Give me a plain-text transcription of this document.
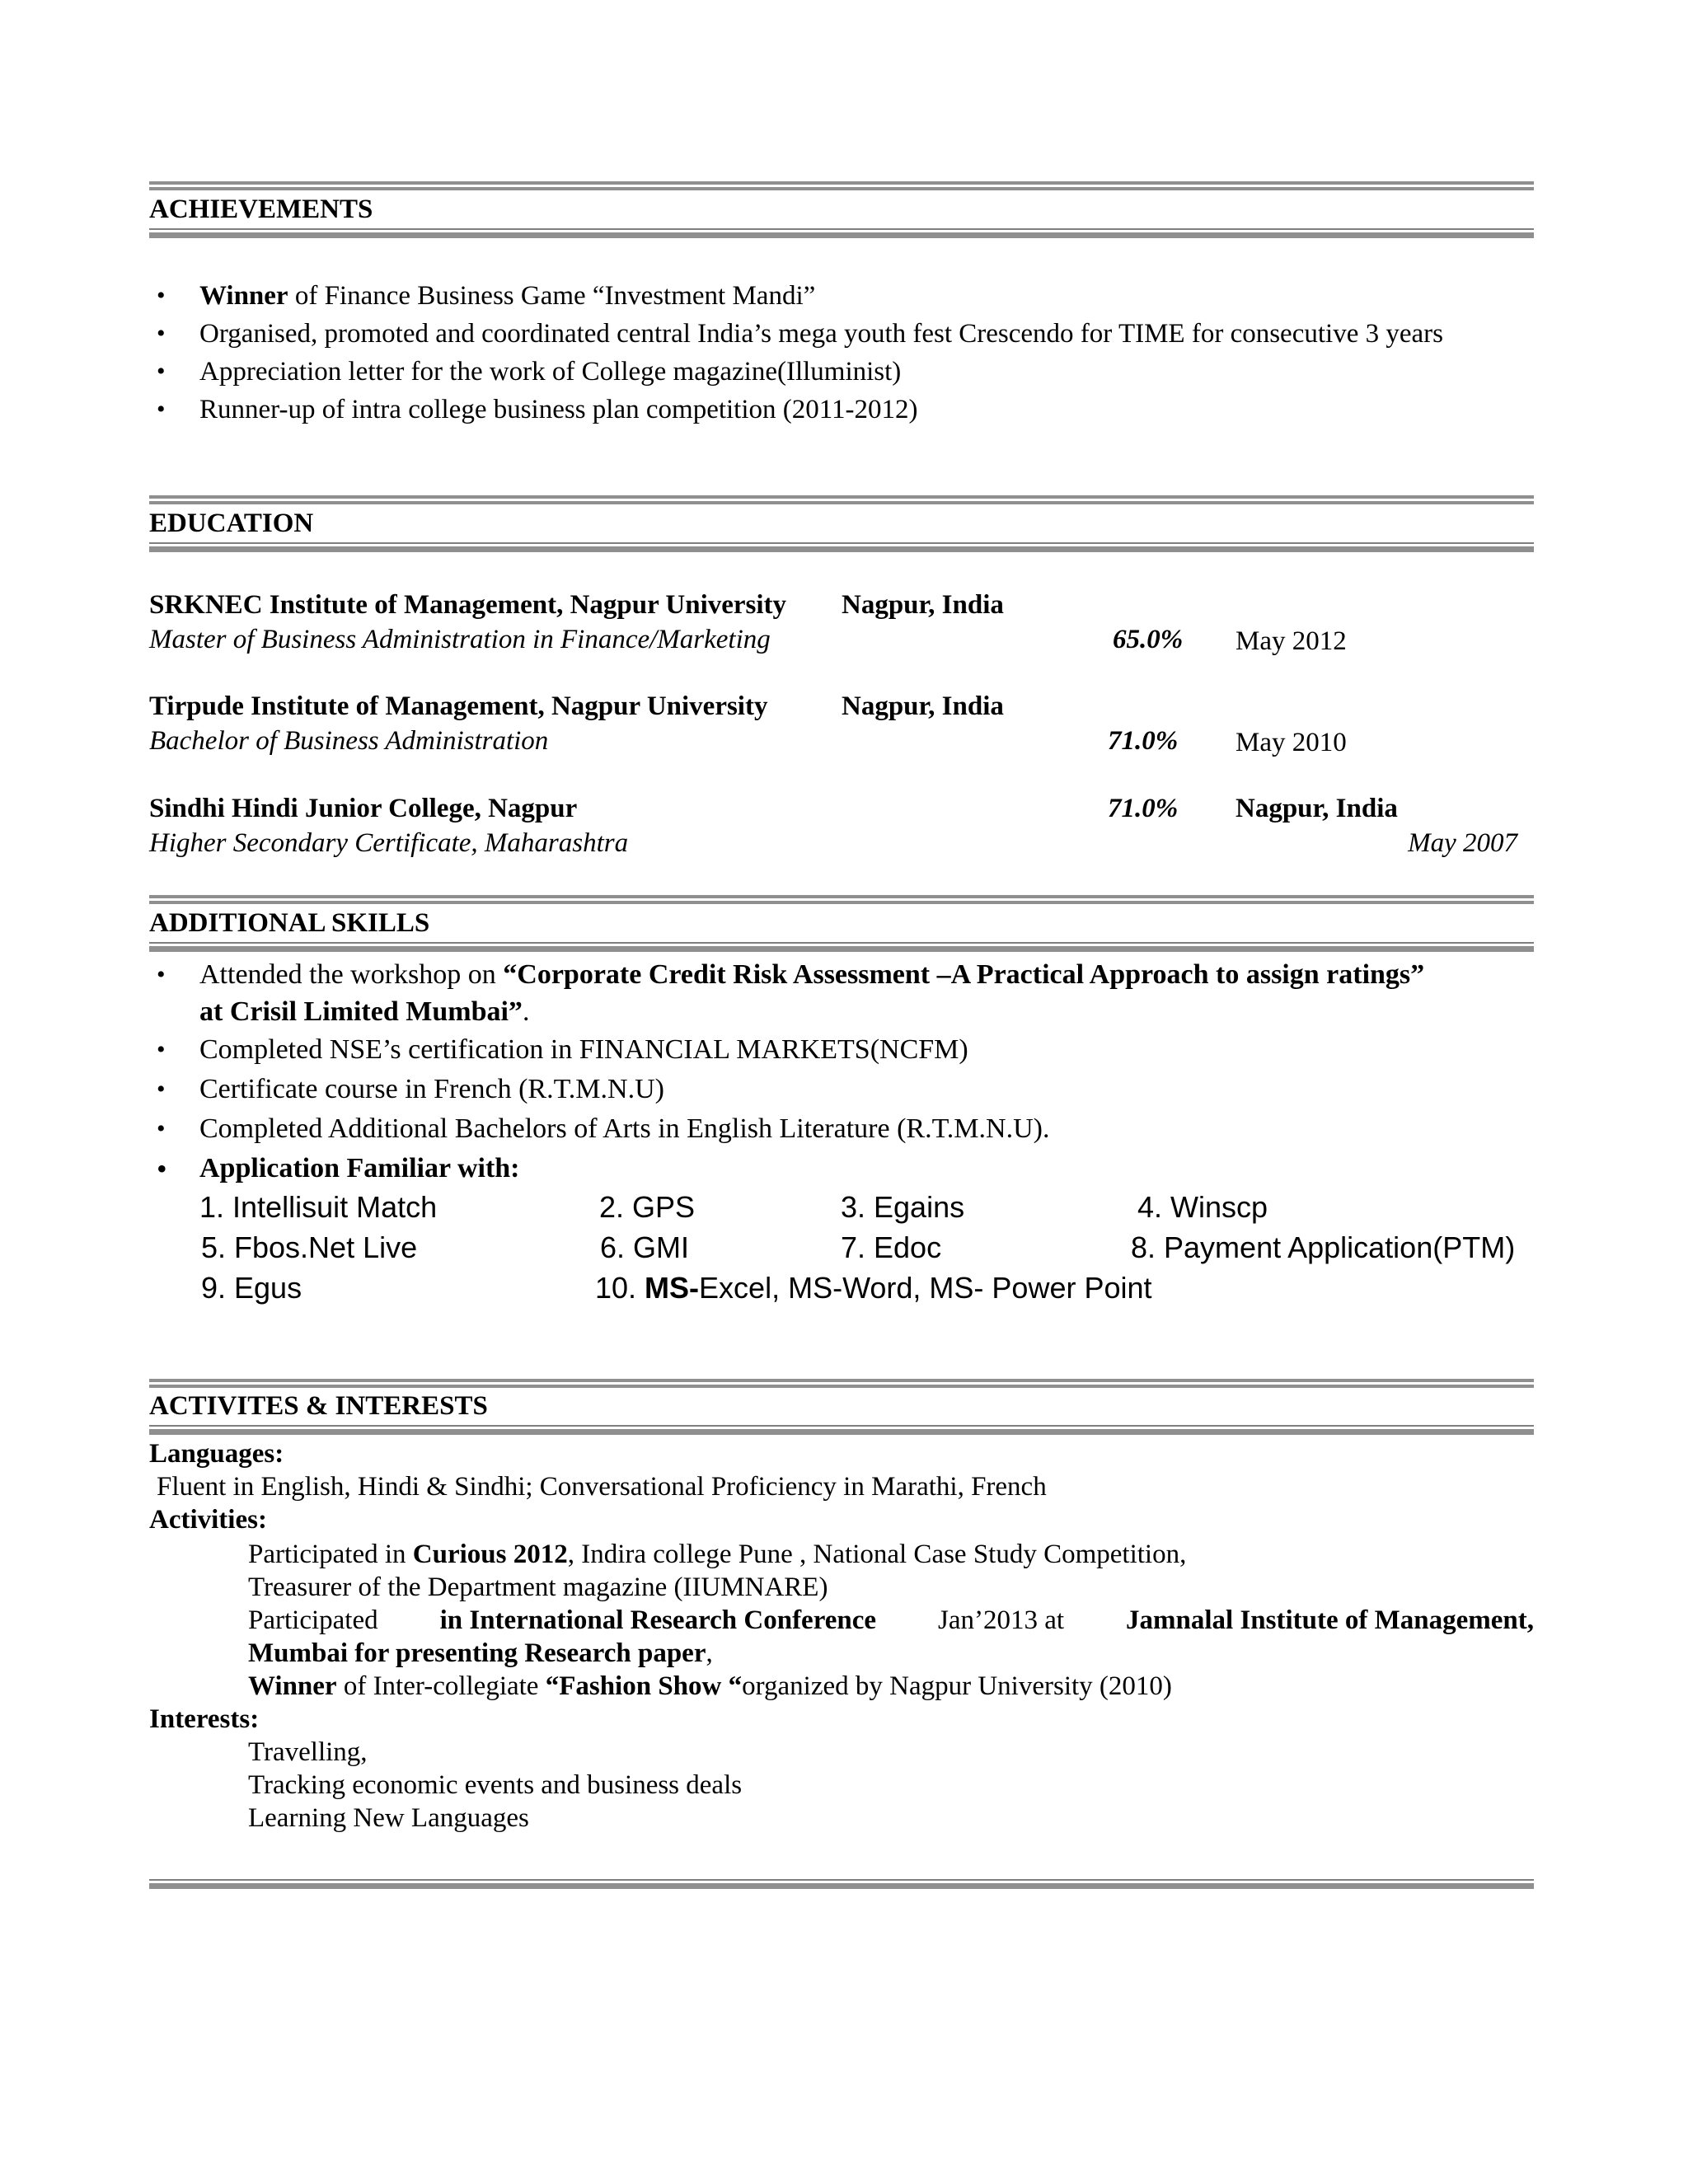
ACHIEVEMENTS
• Winner of Finance Business Game “Investment Mandi”
• Organised, promoted and coordinated central India’s mega youth fest Crescendo for TIME for consecutive 3 years
• Appreciation letter for the work of College magazine(Illuminist)
• Runner-up of intra college business plan competition (2011-2012)
EDUCATION
SRKNEC Institute of Management, Nagpur University Nagpur, India
Master of Business Administration in Finance/Marketing	65.0% May 2012
Tirpude Institute of Management, Nagpur University	Nagpur, India
Bachelor of Business Administration	71.0% May 2010
Sindhi Hindi Junior College, Nagpur	71.0% Nagpur, India
Higher Secondary Certificate, Maharashtra	May 2007
ADDITIONAL SKILLS
• Attended the workshop on “Corporate Credit Risk Assessment –A Practical Approach to assign ratings”
at Crisil Limited Mumbai”.
• Completed NSE’s certification in FINANCIAL MARKETS(NCFM)
• Certificate course in French (R.T.M.N.U)
• Completed Additional Bachelors of Arts in English Literature (R.T.M.N.U).
• Application Familiar with:
1. Intellisuit Match	2. GPS	3. Egains	4. Winscp
5. Fbos.Net Live	6. GMI	7. Edoc	8. Payment Application(PTM)
9. Egus	10. MS-Excel, MS-Word, MS- Power Point
ACTIVITES & INTERESTS
Languages:
Fluent in English, Hindi & Sindhi; Conversational Proficiency in Marathi, French
Activities:
Participated in Curious 2012, Indira college Pune , National Case Study Competition,
Treasurer of the Department magazine (IIUMNARE)
Participated in International Research Conference Jan’2013 at Jamnalal Institute of Management,
Mumbai for presenting Research paper,
Winner of Inter-collegiate “Fashion Show “organized by Nagpur University (2010)
Interests:
Travelling,
Tracking economic events and business deals
Learning New Languages
